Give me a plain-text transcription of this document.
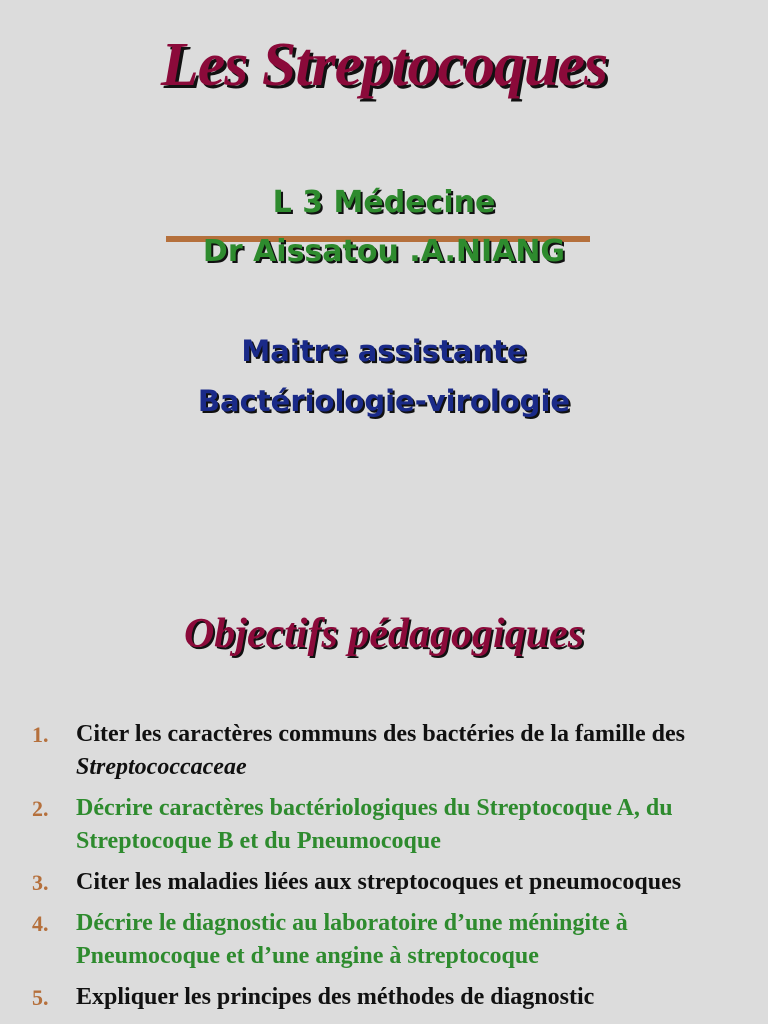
Les Streptocoques

L 3 Médecine

Dr Aissatou .A.NIANG

Maitre assistante

Bactériologie-virologie

Objectifs pédagogiques
1. Citer les caractères communs des bactéries de la famille des Streptococcaceae
2. Décrire caractères bactériologiques du Streptocoque A, du Streptocoque B et du Pneumocoque
3. Citer les maladies liées aux streptocoques et pneumocoques
4. Décrire le diagnostic au laboratoire d’une méningite à Pneumocoque et d’une angine à streptocoque
5. Expliquer les principes des méthodes de diagnostic
